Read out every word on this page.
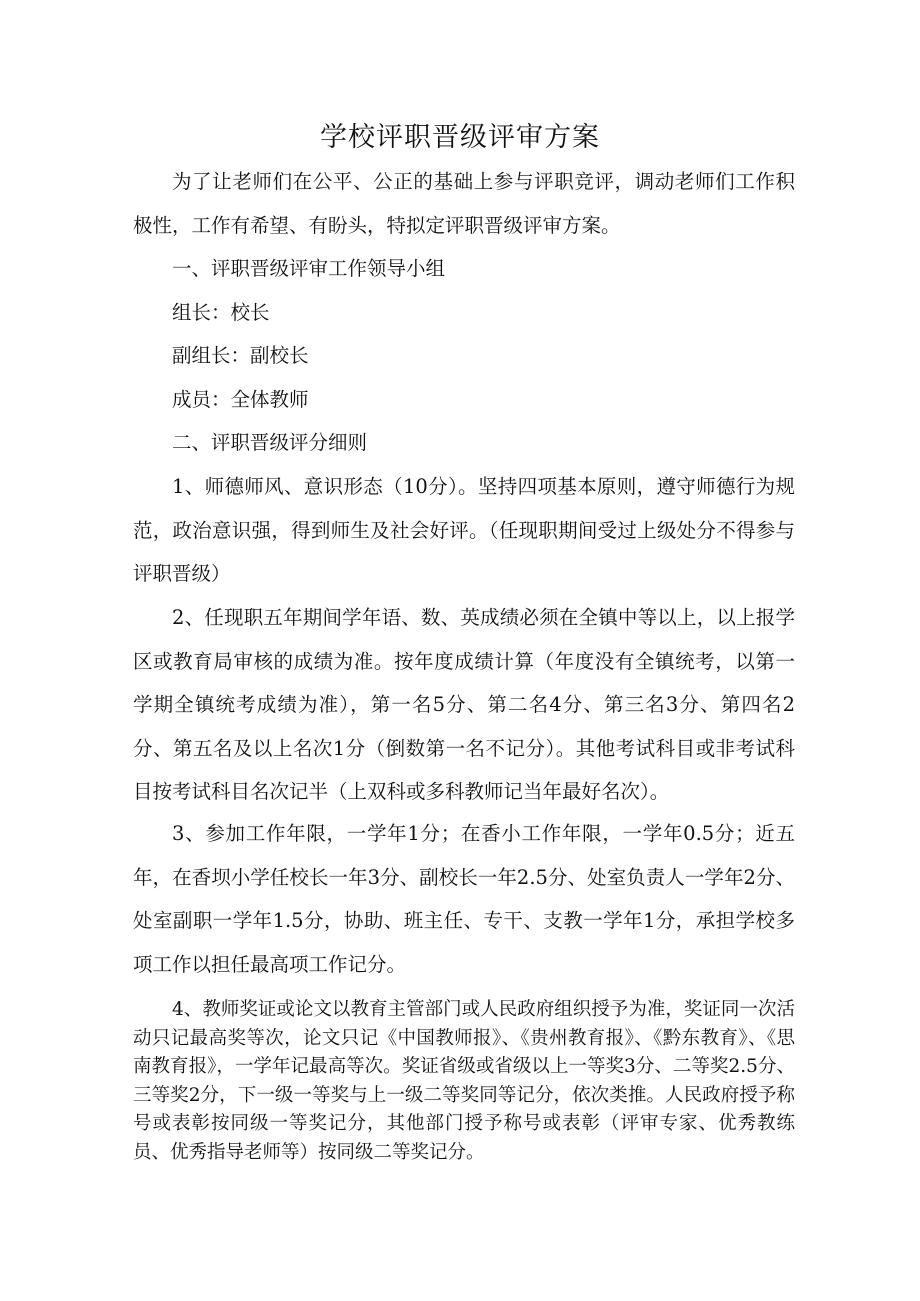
学校评职晋级评审方案

为了让老师们在公平、公正的基础上参与评职竞评，调动老师们工作积极性，工作有希望、有盼头，特拟定评职晋级评审方案。

一、评职晋级评审工作领导小组

组长：校长

副组长：副校长

成员：全体教师

二、评职晋级评分细则

1、师德师风、意识形态（10分）。坚持四项基本原则，遵守师德行为规范，政治意识强，得到师生及社会好评。（任现职期间受过上级处分不得参与评职晋级）

2、任现职五年期间学年语、数、英成绩必须在全镇中等以上，以上报学区或教育局审核的成绩为准。按年度成绩计算（年度没有全镇统考，以第一学期全镇统考成绩为准），第一名5分、第二名4分、第三名3分、第四名2分、第五名及以上名次1分（倒数第一名不记分）。其他考试科目或非考试科目按考试科目名次记半（上双科或多科教师记当年最好名次）。

3、参加工作年限，一学年1分；在香小工作年限，一学年0.5分；近五年，在香坝小学任校长一年3分、副校长一年2.5分、处室负责人一学年2分、处室副职一学年1.5分，协助、班主任、专干、支教一学年1分，承担学校多项工作以担任最高项工作记分。

4、教师奖证或论文以教育主管部门或人民政府组织授予为准，奖证同一次活动只记最高奖等次，论文只记《中国教师报》、《贵州教育报》、《黔东教育》、《思南教育报》，一学年记最高等次。奖证省级或省级以上一等奖3分、二等奖2.5分、三等奖2分，下一级一等奖与上一级二等奖同等记分，依次类推。人民政府授予称号或表彰按同级一等奖记分，其他部门授予称号或表彰（评审专家、优秀教练员、优秀指导老师等）按同级二等奖记分。
